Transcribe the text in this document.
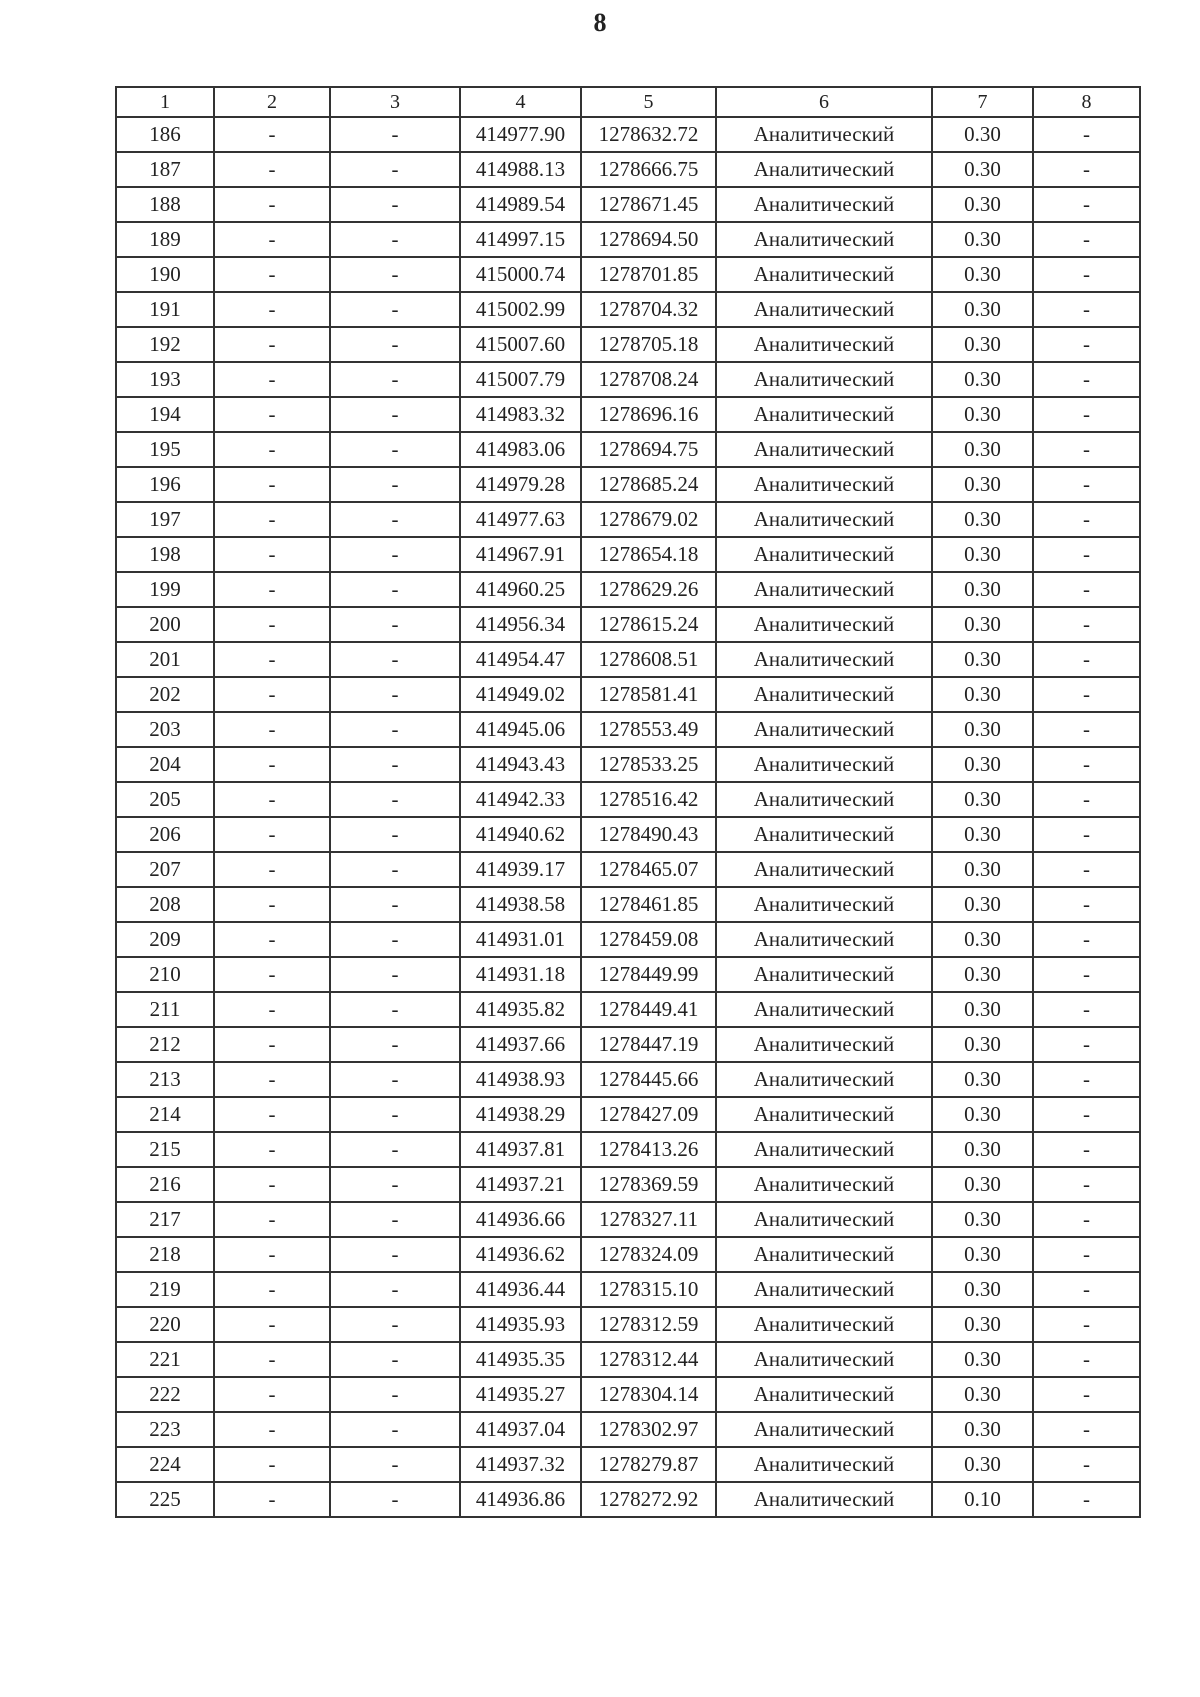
8
1	2	3	4	5	6	7	8
186	-	-	414977.90	1278632.72	Аналитический	0.30	-
187	-	-	414988.13	1278666.75	Аналитический	0.30	-
188	-	-	414989.54	1278671.45	Аналитический	0.30	-
189	-	-	414997.15	1278694.50	Аналитический	0.30	-
190	-	-	415000.74	1278701.85	Аналитический	0.30	-
191	-	-	415002.99	1278704.32	Аналитический	0.30	-
192	-	-	415007.60	1278705.18	Аналитический	0.30	-
193	-	-	415007.79	1278708.24	Аналитический	0.30	-
194	-	-	414983.32	1278696.16	Аналитический	0.30	-
195	-	-	414983.06	1278694.75	Аналитический	0.30	-
196	-	-	414979.28	1278685.24	Аналитический	0.30	-
197	-	-	414977.63	1278679.02	Аналитический	0.30	-
198	-	-	414967.91	1278654.18	Аналитический	0.30	-
199	-	-	414960.25	1278629.26	Аналитический	0.30	-
200	-	-	414956.34	1278615.24	Аналитический	0.30	-
201	-	-	414954.47	1278608.51	Аналитический	0.30	-
202	-	-	414949.02	1278581.41	Аналитический	0.30	-
203	-	-	414945.06	1278553.49	Аналитический	0.30	-
204	-	-	414943.43	1278533.25	Аналитический	0.30	-
205	-	-	414942.33	1278516.42	Аналитический	0.30	-
206	-	-	414940.62	1278490.43	Аналитический	0.30	-
207	-	-	414939.17	1278465.07	Аналитический	0.30	-
208	-	-	414938.58	1278461.85	Аналитический	0.30	-
209	-	-	414931.01	1278459.08	Аналитический	0.30	-
210	-	-	414931.18	1278449.99	Аналитический	0.30	-
211	-	-	414935.82	1278449.41	Аналитический	0.30	-
212	-	-	414937.66	1278447.19	Аналитический	0.30	-
213	-	-	414938.93	1278445.66	Аналитический	0.30	-
214	-	-	414938.29	1278427.09	Аналитический	0.30	-
215	-	-	414937.81	1278413.26	Аналитический	0.30	-
216	-	-	414937.21	1278369.59	Аналитический	0.30	-
217	-	-	414936.66	1278327.11	Аналитический	0.30	-
218	-	-	414936.62	1278324.09	Аналитический	0.30	-
219	-	-	414936.44	1278315.10	Аналитический	0.30	-
220	-	-	414935.93	1278312.59	Аналитический	0.30	-
221	-	-	414935.35	1278312.44	Аналитический	0.30	-
222	-	-	414935.27	1278304.14	Аналитический	0.30	-
223	-	-	414937.04	1278302.97	Аналитический	0.30	-
224	-	-	414937.32	1278279.87	Аналитический	0.30	-
225	-	-	414936.86	1278272.92	Аналитический	0.10	-
